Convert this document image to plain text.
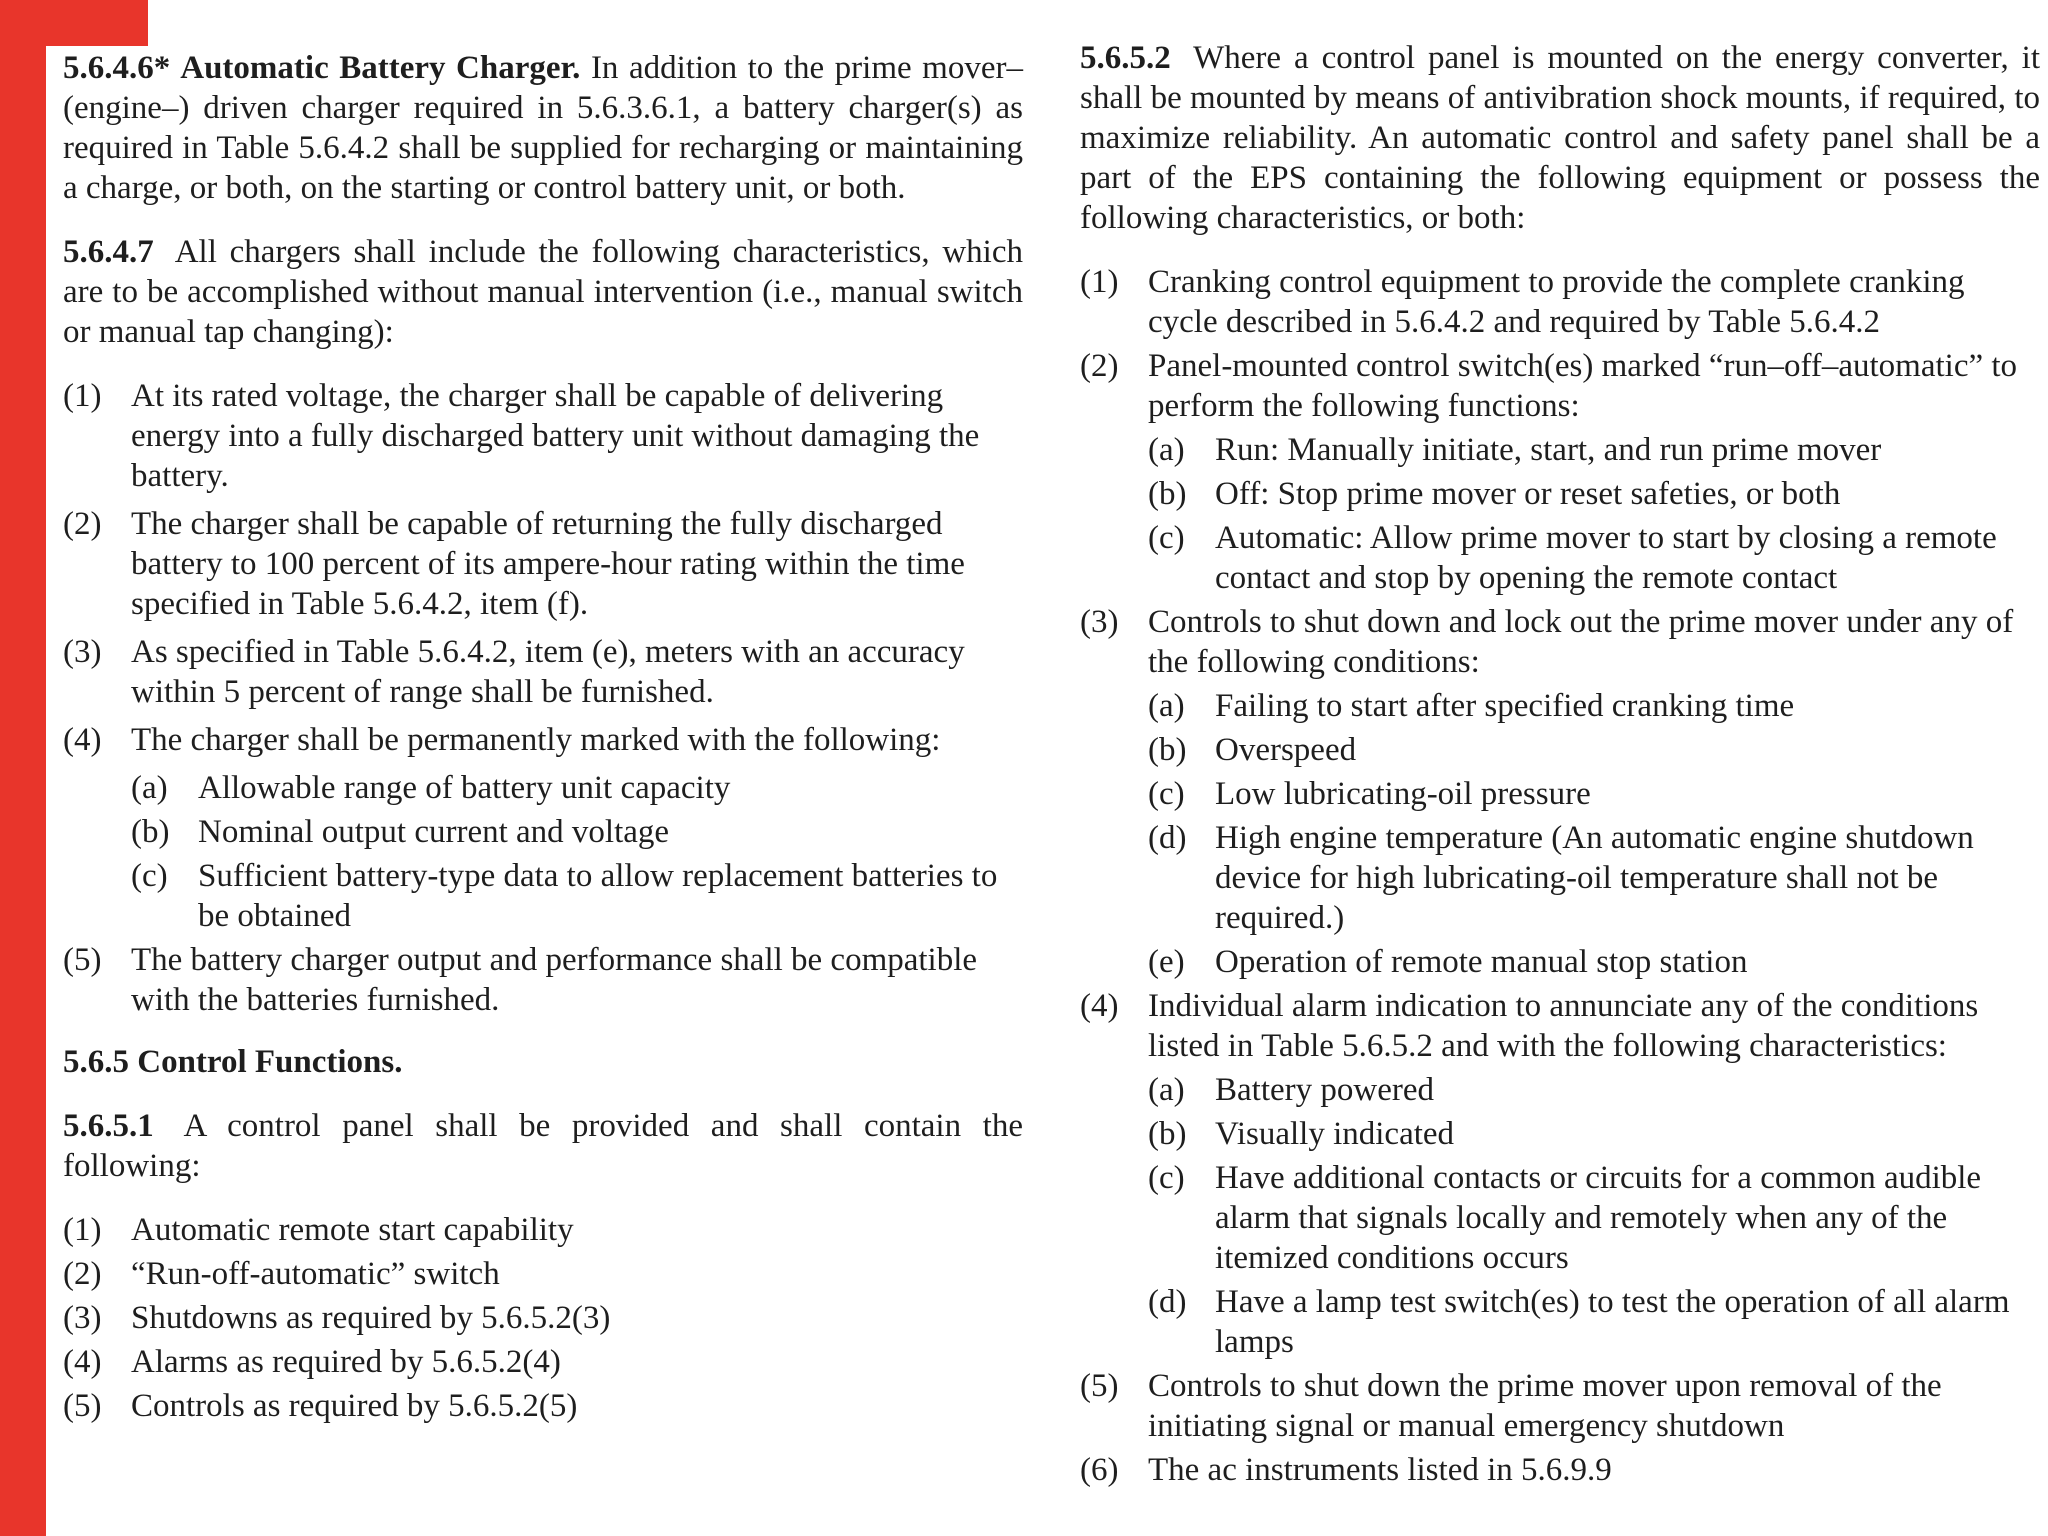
5.6.4.6* Automatic Battery Charger. In addition to the prime mover– (engine–) driven charger required in 5.6.3.6.1, a battery charger(s) as required in Table 5.6.4.2 shall be supplied for recharging or maintaining a charge, or both, on the starting or control battery unit, or both.

5.6.4.7 All chargers shall include the following characteristics, which are to be accomplished without manual intervention (i.e., manual switch or manual tap changing):

(1) At its rated voltage, the charger shall be capable of delivering energy into a fully discharged battery unit without damaging the battery.

(2) The charger shall be capable of returning the fully discharged battery to 100 percent of its ampere-hour rating within the time specified in Table 5.6.4.2, item (f).

(3) As specified in Table 5.6.4.2, item (e), meters with an accuracy within 5 percent of range shall be furnished.

(4) The charger shall be permanently marked with the following:

(a) Allowable range of battery unit capacity

(b) Nominal output current and voltage

(c) Sufficient battery-type data to allow replacement batteries to be obtained

(5) The battery charger output and performance shall be compatible with the batteries furnished.

5.6.5 Control Functions.

5.6.5.1 A control panel shall be provided and shall contain the following:

(1) Automatic remote start capability

(2) “Run-off-automatic” switch

(3) Shutdowns as required by 5.6.5.2(3)

(4) Alarms as required by 5.6.5.2(4)

(5) Controls as required by 5.6.5.2(5)

5.6.5.2 Where a control panel is mounted on the energy converter, it shall be mounted by means of antivibration shock mounts, if required, to maximize reliability. An automatic control and safety panel shall be a part of the EPS containing the following equipment or possess the following characteristics, or both:

(1) Cranking control equipment to provide the complete cranking cycle described in 5.6.4.2 and required by Table 5.6.4.2

(2) Panel-mounted control switch(es) marked “run–off–automatic” to perform the following functions:

(a) Run: Manually initiate, start, and run prime mover

(b) Off: Stop prime mover or reset safeties, or both

(c) Automatic: Allow prime mover to start by closing a remote contact and stop by opening the remote contact

(3) Controls to shut down and lock out the prime mover under any of the following conditions:

(a) Failing to start after specified cranking time

(b) Overspeed

(c) Low lubricating-oil pressure

(d) High engine temperature (An automatic engine shutdown device for high lubricating-oil temperature shall not be required.)

(e) Operation of remote manual stop station

(4) Individual alarm indication to annunciate any of the conditions listed in Table 5.6.5.2 and with the following characteristics:

(a) Battery powered

(b) Visually indicated

(c) Have additional contacts or circuits for a common audible alarm that signals locally and remotely when any of the itemized conditions occurs

(d) Have a lamp test switch(es) to test the operation of all alarm lamps

(5) Controls to shut down the prime mover upon removal of the initiating signal or manual emergency shutdown

(6) The ac instruments listed in 5.6.9.9
